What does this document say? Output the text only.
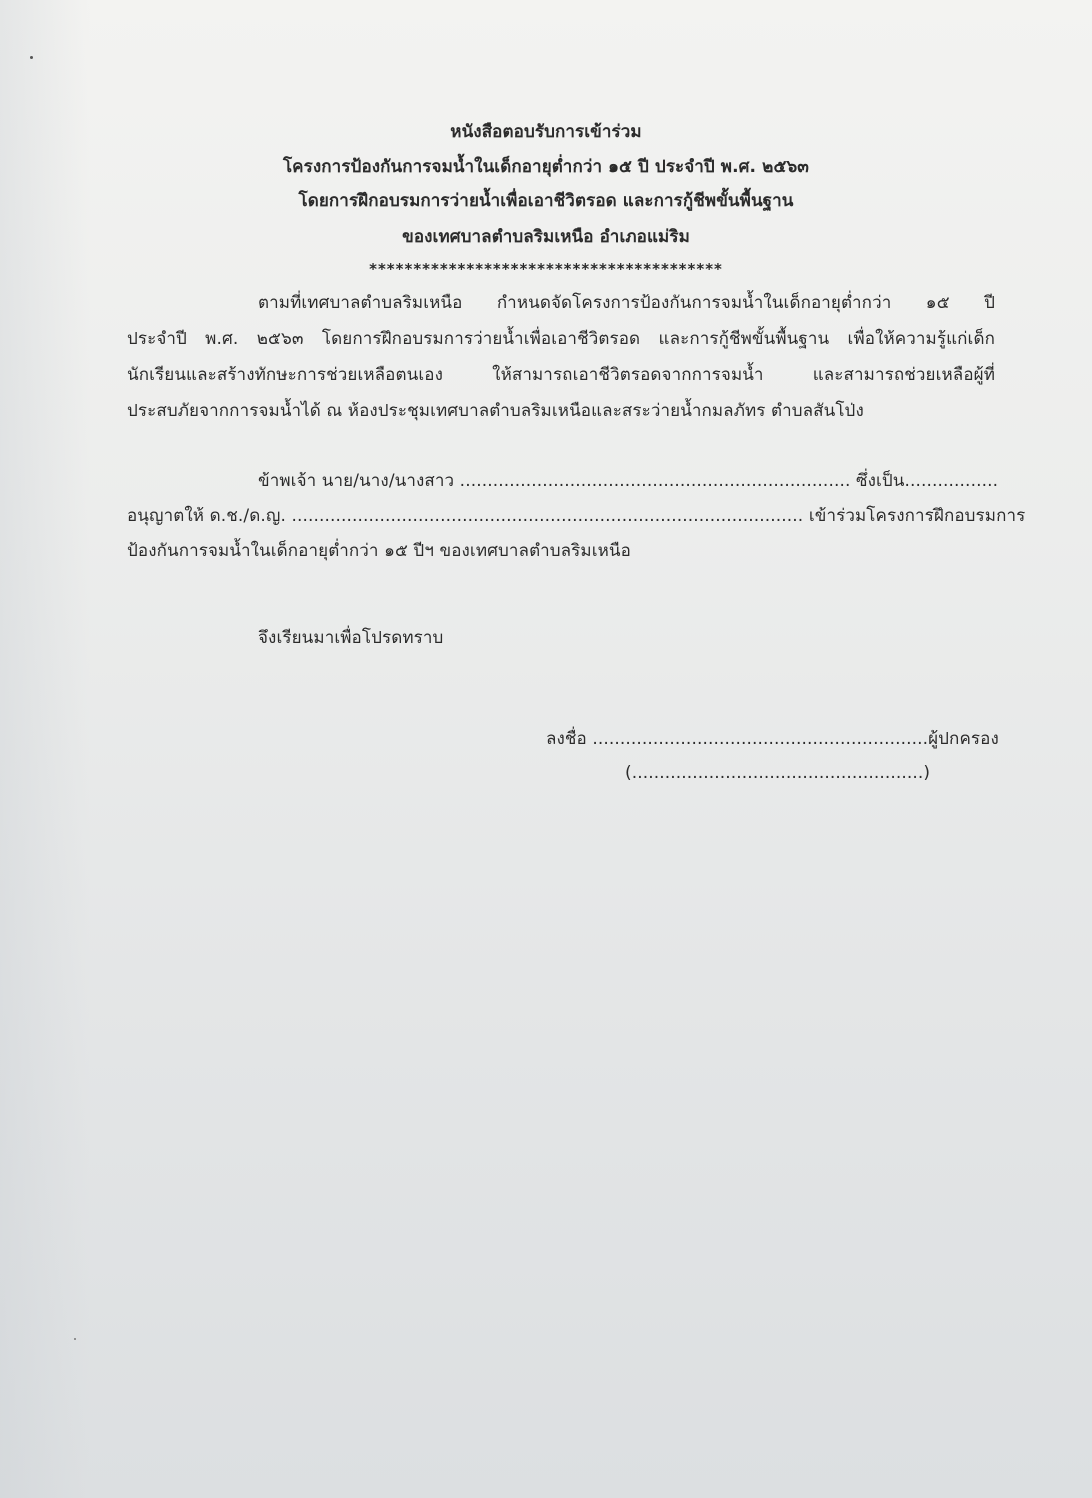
หนังสือตอบรับการเข้าร่วม
โครงการป้องกันการจมน้ำในเด็กอายุต่ำกว่า ๑๕ ปี ประจำปี พ.ศ. ๒๕๖๓
โดยการฝึกอบรมการว่ายน้ำเพื่อเอาชีวิตรอด และการกู้ชีพขั้นพื้นฐาน
ของเทศบาลตำบลริมเหนือ อำเภอแม่ริม
****************************************
ตามที่เทศบาลตำบลริมเหนือ กำหนดจัดโครงการป้องกันการจมน้ำในเด็กอายุต่ำกว่า ๑๕ ปี
ประจำปี พ.ศ. ๒๕๖๓ โดยการฝึกอบรมการว่ายน้ำเพื่อเอาชีวิตรอด และการกู้ชีพขั้นพื้นฐาน เพื่อให้ความรู้แก่เด็ก
นักเรียนและสร้างทักษะการช่วยเหลือตนเอง ให้สามารถเอาชีวิตรอดจากการจมน้ำ และสามารถช่วยเหลือผู้ที่
ประสบภัยจากการจมน้ำได้ ณ ห้องประชุมเทศบาลตำบลริมเหนือและสระว่ายน้ำกมลภัทร ตำบลสันโป่ง
ข้าพเจ้า นาย/นาง/นางสาว ....................................................................... ซึ่งเป็น.................
อนุญาตให้ ด.ช./ด.ญ. ............................................................................................. เข้าร่วมโครงการฝึกอบรมการ
ป้องกันการจมน้ำในเด็กอายุต่ำกว่า ๑๕ ปีฯ ของเทศบาลตำบลริมเหนือ
จึงเรียนมาเพื่อโปรดทราบ
ลงชื่อ .............................................................ผู้ปกครอง
(.....................................................)
